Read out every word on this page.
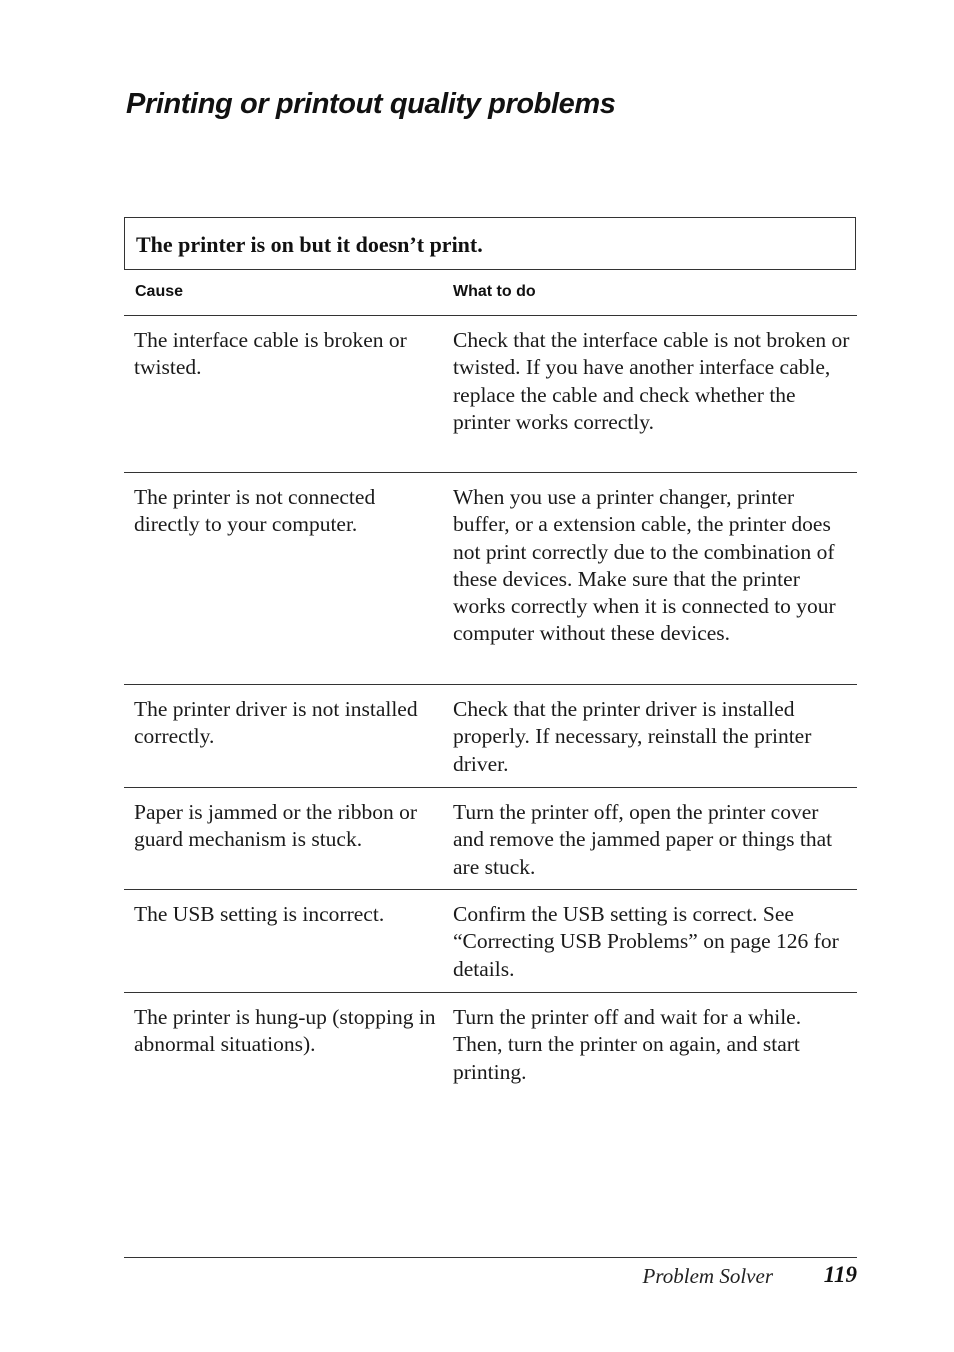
Printing or printout quality problems
The printer is on but it doesn’t print.
Cause	What to do
The interface cable is broken or twisted.
Check that the interface cable is not broken or twisted. If you have another interface cable, replace the cable and check whether the printer works correctly.
The printer is not connected directly to your computer.
When you use a printer changer, printer buffer, or a extension cable, the printer does not print correctly due to the combination of these devices. Make sure that the printer works correctly when it is connected to your computer without these devices.
The printer driver is not installed correctly.
Check that the printer driver is installed properly. If necessary, reinstall the printer driver.
Paper is jammed or the ribbon or guard mechanism is stuck.
Turn the printer off, open the printer cover and remove the jammed paper or things that are stuck.
The USB setting is incorrect.	Confirm the USB setting is correct. See “Correcting USB Problems” on page 126 for details.
The printer is hung-up (stopping in abnormal situations).
Turn the printer off and wait for a while. Then, turn the printer on again, and start printing.
Problem Solver 119
